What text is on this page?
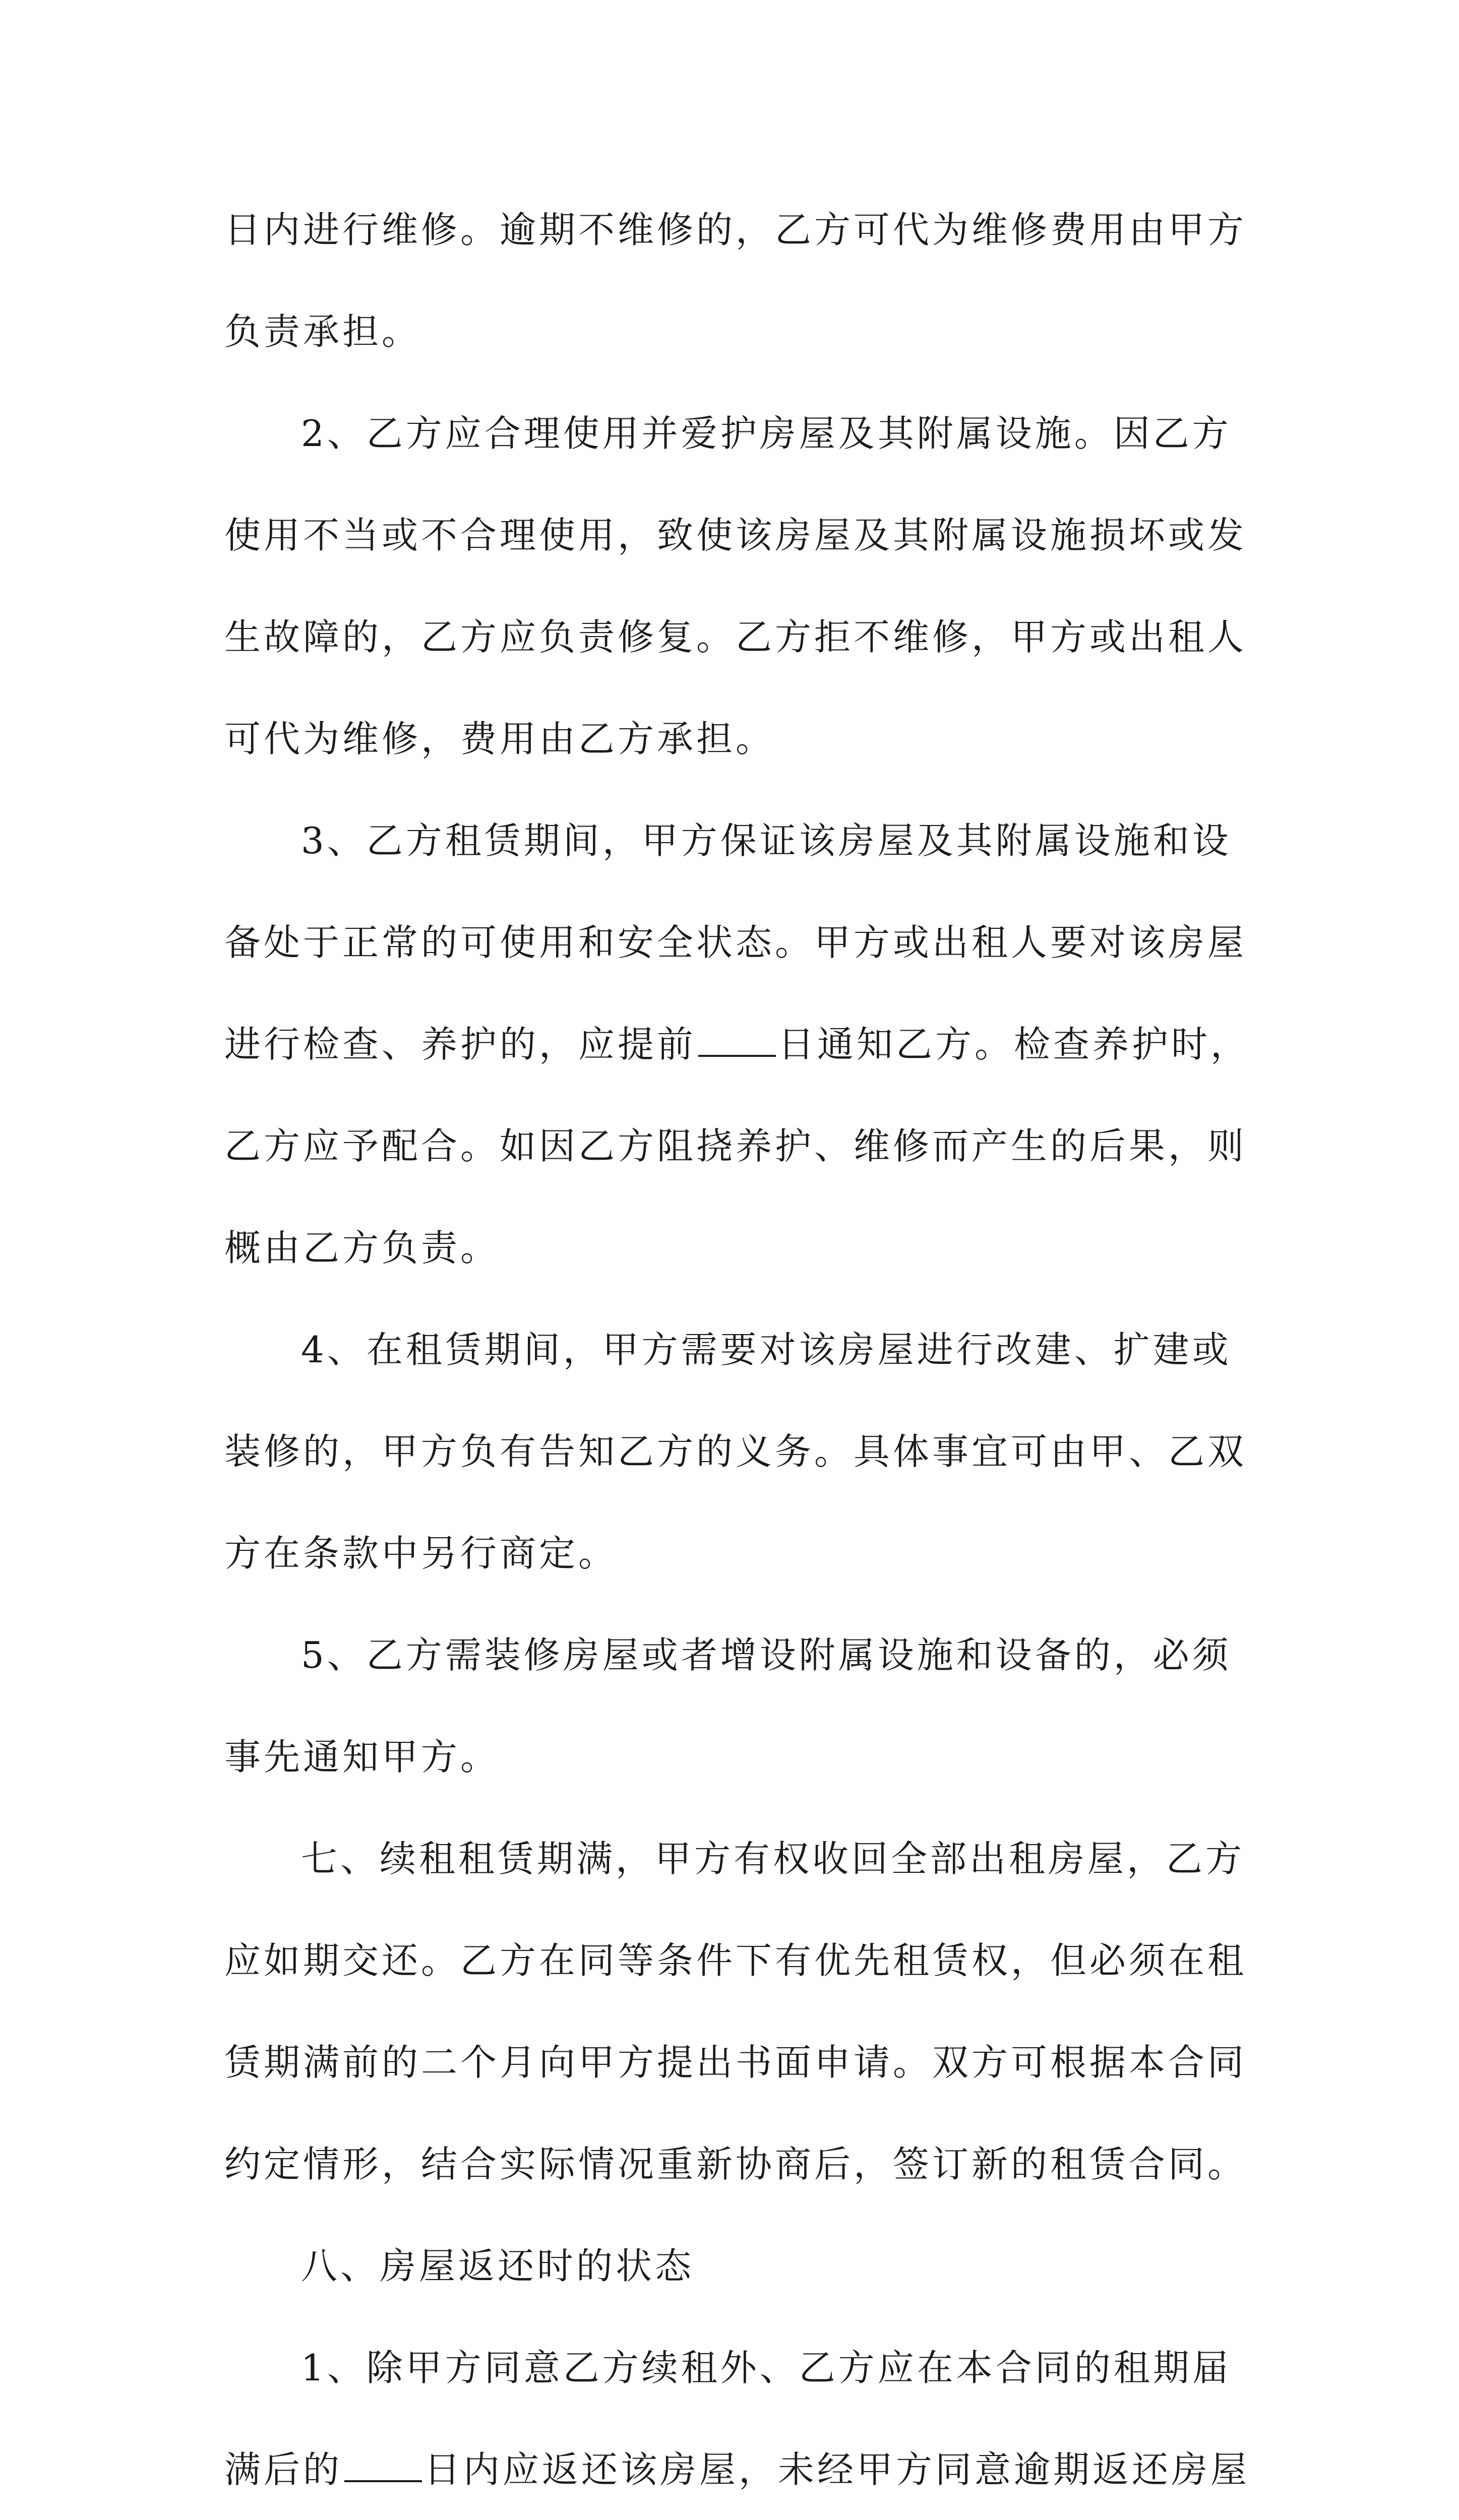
日内进行维修。逾期不维修的，乙方可代为维修费用由甲方
负责承担。
2、乙方应合理使用并爱护房屋及其附属设施。因乙方
使用不当或不合理使用，致使该房屋及其附属设施损坏或发
生故障的，乙方应负责修复。乙方拒不维修，甲方或出租人
可代为维修，费用由乙方承担。
3、乙方租赁期间，甲方保证该房屋及其附属设施和设
备处于正常的可使用和安全状态。甲方或出租人要对该房屋
进行检查、养护的，应提前 日通知乙方。检查养护时，
乙方应予配合。如因乙方阻挠养护、维修而产生的后果，则
概由乙方负责。
4、在租赁期间，甲方需要对该房屋进行改建、扩建或
装修的，甲方负有告知乙方的义务。具体事宜可由甲、乙双
方在条款中另行商定。
5、乙方需装修房屋或者增设附属设施和设备的，必须
事先通知甲方。
七、续租租赁期满，甲方有权收回全部出租房屋，乙方
应如期交还。乙方在同等条件下有优先租赁权，但必须在租
赁期满前的二个月向甲方提出书面申请。双方可根据本合同
约定情形，结合实际情况重新协商后，签订新的租赁合同。
八、房屋返还时的状态
1、除甲方同意乙方续租外、乙方应在本合同的租期届
满后的 日内应返还该房屋，未经甲方同意逾期返还房屋
